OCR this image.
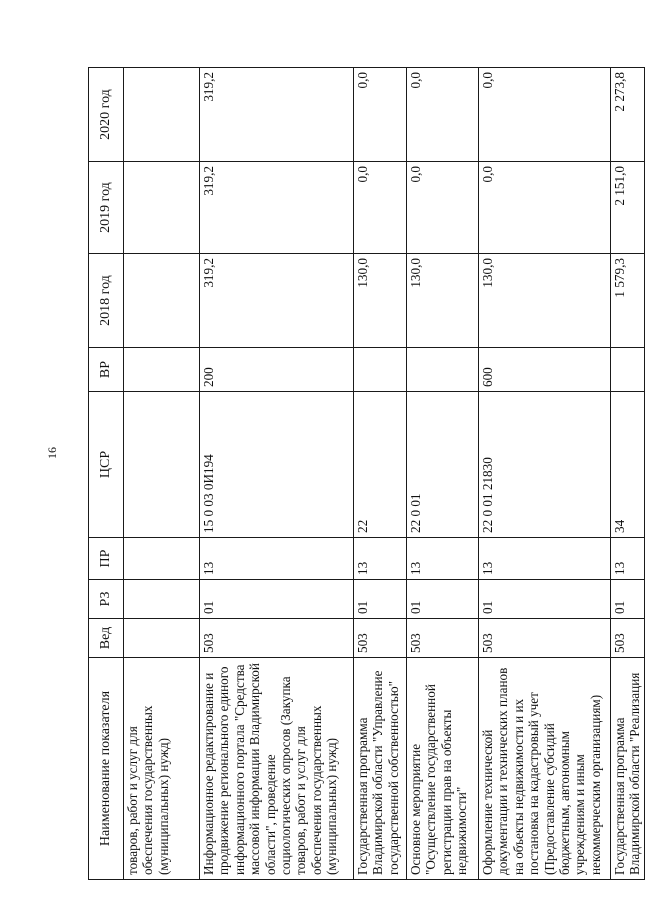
16
Наименование показателя	Вед	РЗ	ПР	ЦСР	ВР	2018 год	2019 год	2020 год
товаров, работ и услуг для обеспечения государственных (муниципальных) нужд)								
Информационное редактирование и продвижение регионального единого информационного портала "Средства массовой информации Владимирской области", проведение социологических опросов (Закупка товаров, работ и услуг для обеспечения государственных (муниципальных) нужд)	503	01	13	15 0 03 0И194	200	319,2	319,2	319,2
Государственная программа Владимирской области "Управление государственной собственностью"	503	01	13	22		130,0	0,0	0,0
Основное мероприятие "Осуществление государственной регистрации прав на объекты недвижимости"	503	01	13	22 0 01		130,0	0,0	0,0
Оформление технической документации и технических планов на объекты недвижимости и их постановка на кадастровый учет (Предоставление субсидий бюджетным, автономным учреждениям и иным некоммерческим организациям)	503	01	13	22 0 01 21830	600	130,0	0,0	0,0
Государственная программа Владимирской области "Реализация	503	01	13	34		1 579,3	2 151,0	2 273,8
